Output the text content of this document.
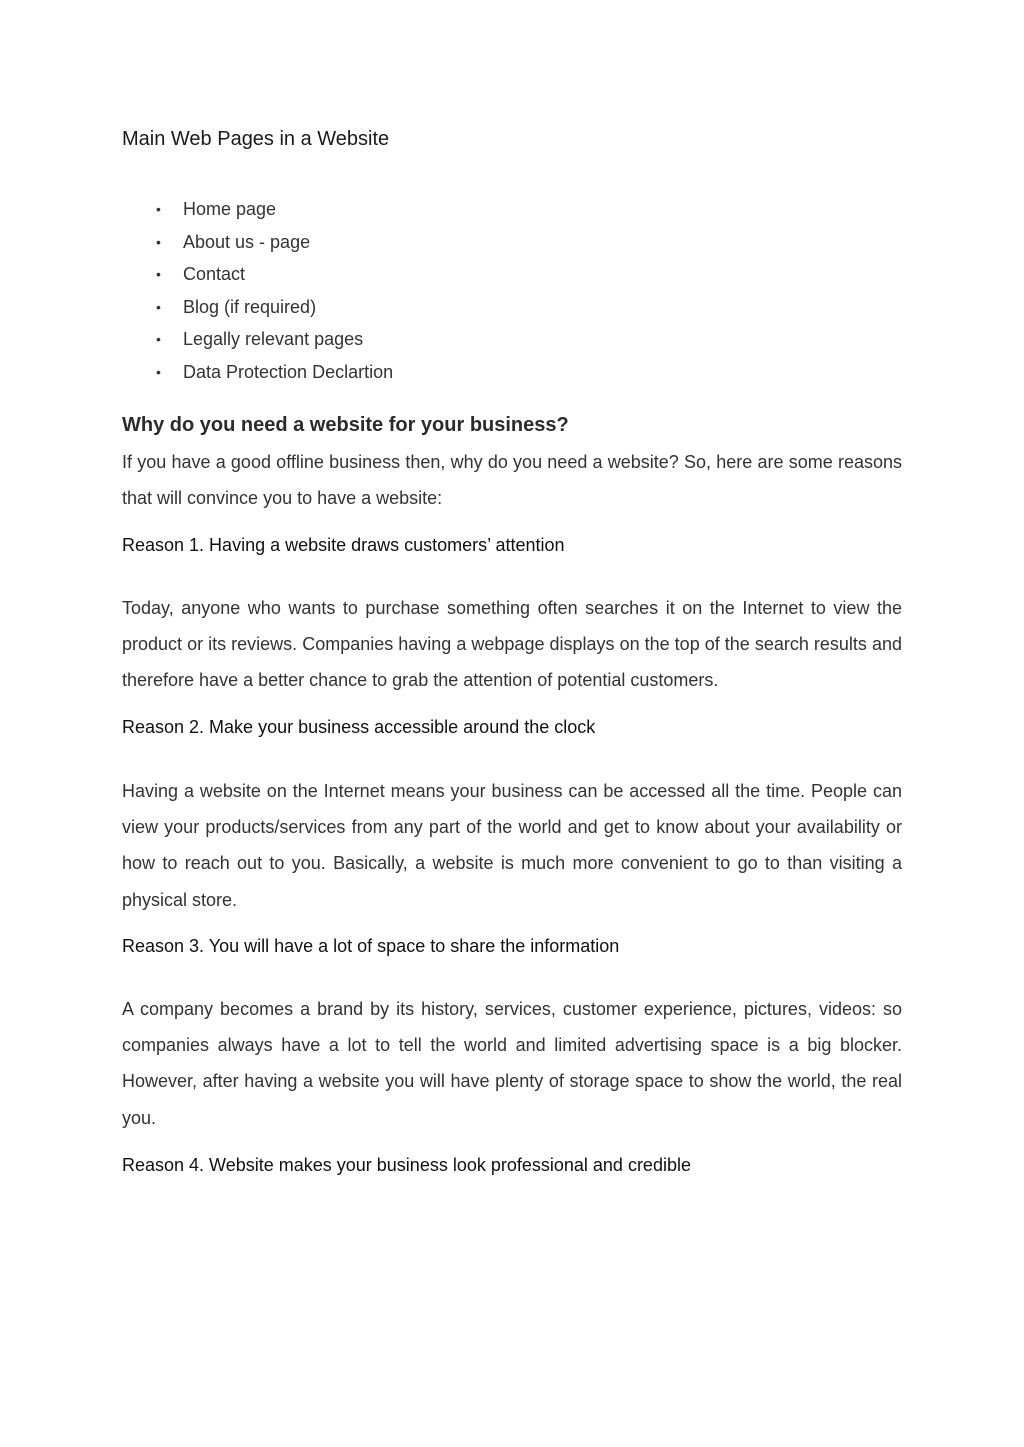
Main Web Pages in a Website
• Home page
• About us - page
• Contact
• Blog (if required)
• Legally relevant pages
• Data Protection Declartion
Why do you need a website for your business?

If you have a good offline business then, why do you need a website? So, here are some reasons that will convince you to have a website:

Reason 1. Having a website draws customers’ attention

Today, anyone who wants to purchase something often searches it on the Internet to view the product or its reviews. Companies having a webpage displays on the top of the search results and therefore have a better chance to grab the attention of potential customers.

Reason 2. Make your business accessible around the clock

Having a website on the Internet means your business can be accessed all the time. People can view your products/services from any part of the world and get to know about your availability or how to reach out to you. Basically, a website is much more convenient to go to than visiting a physical store.

Reason 3. You will have a lot of space to share the information

A company becomes a brand by its history, services, customer experience, pictures, videos: so companies always have a lot to tell the world and limited advertising space is a big blocker. However, after having a website you will have plenty of storage space to show the world, the real you.

Reason 4. Website makes your business look professional and credible
